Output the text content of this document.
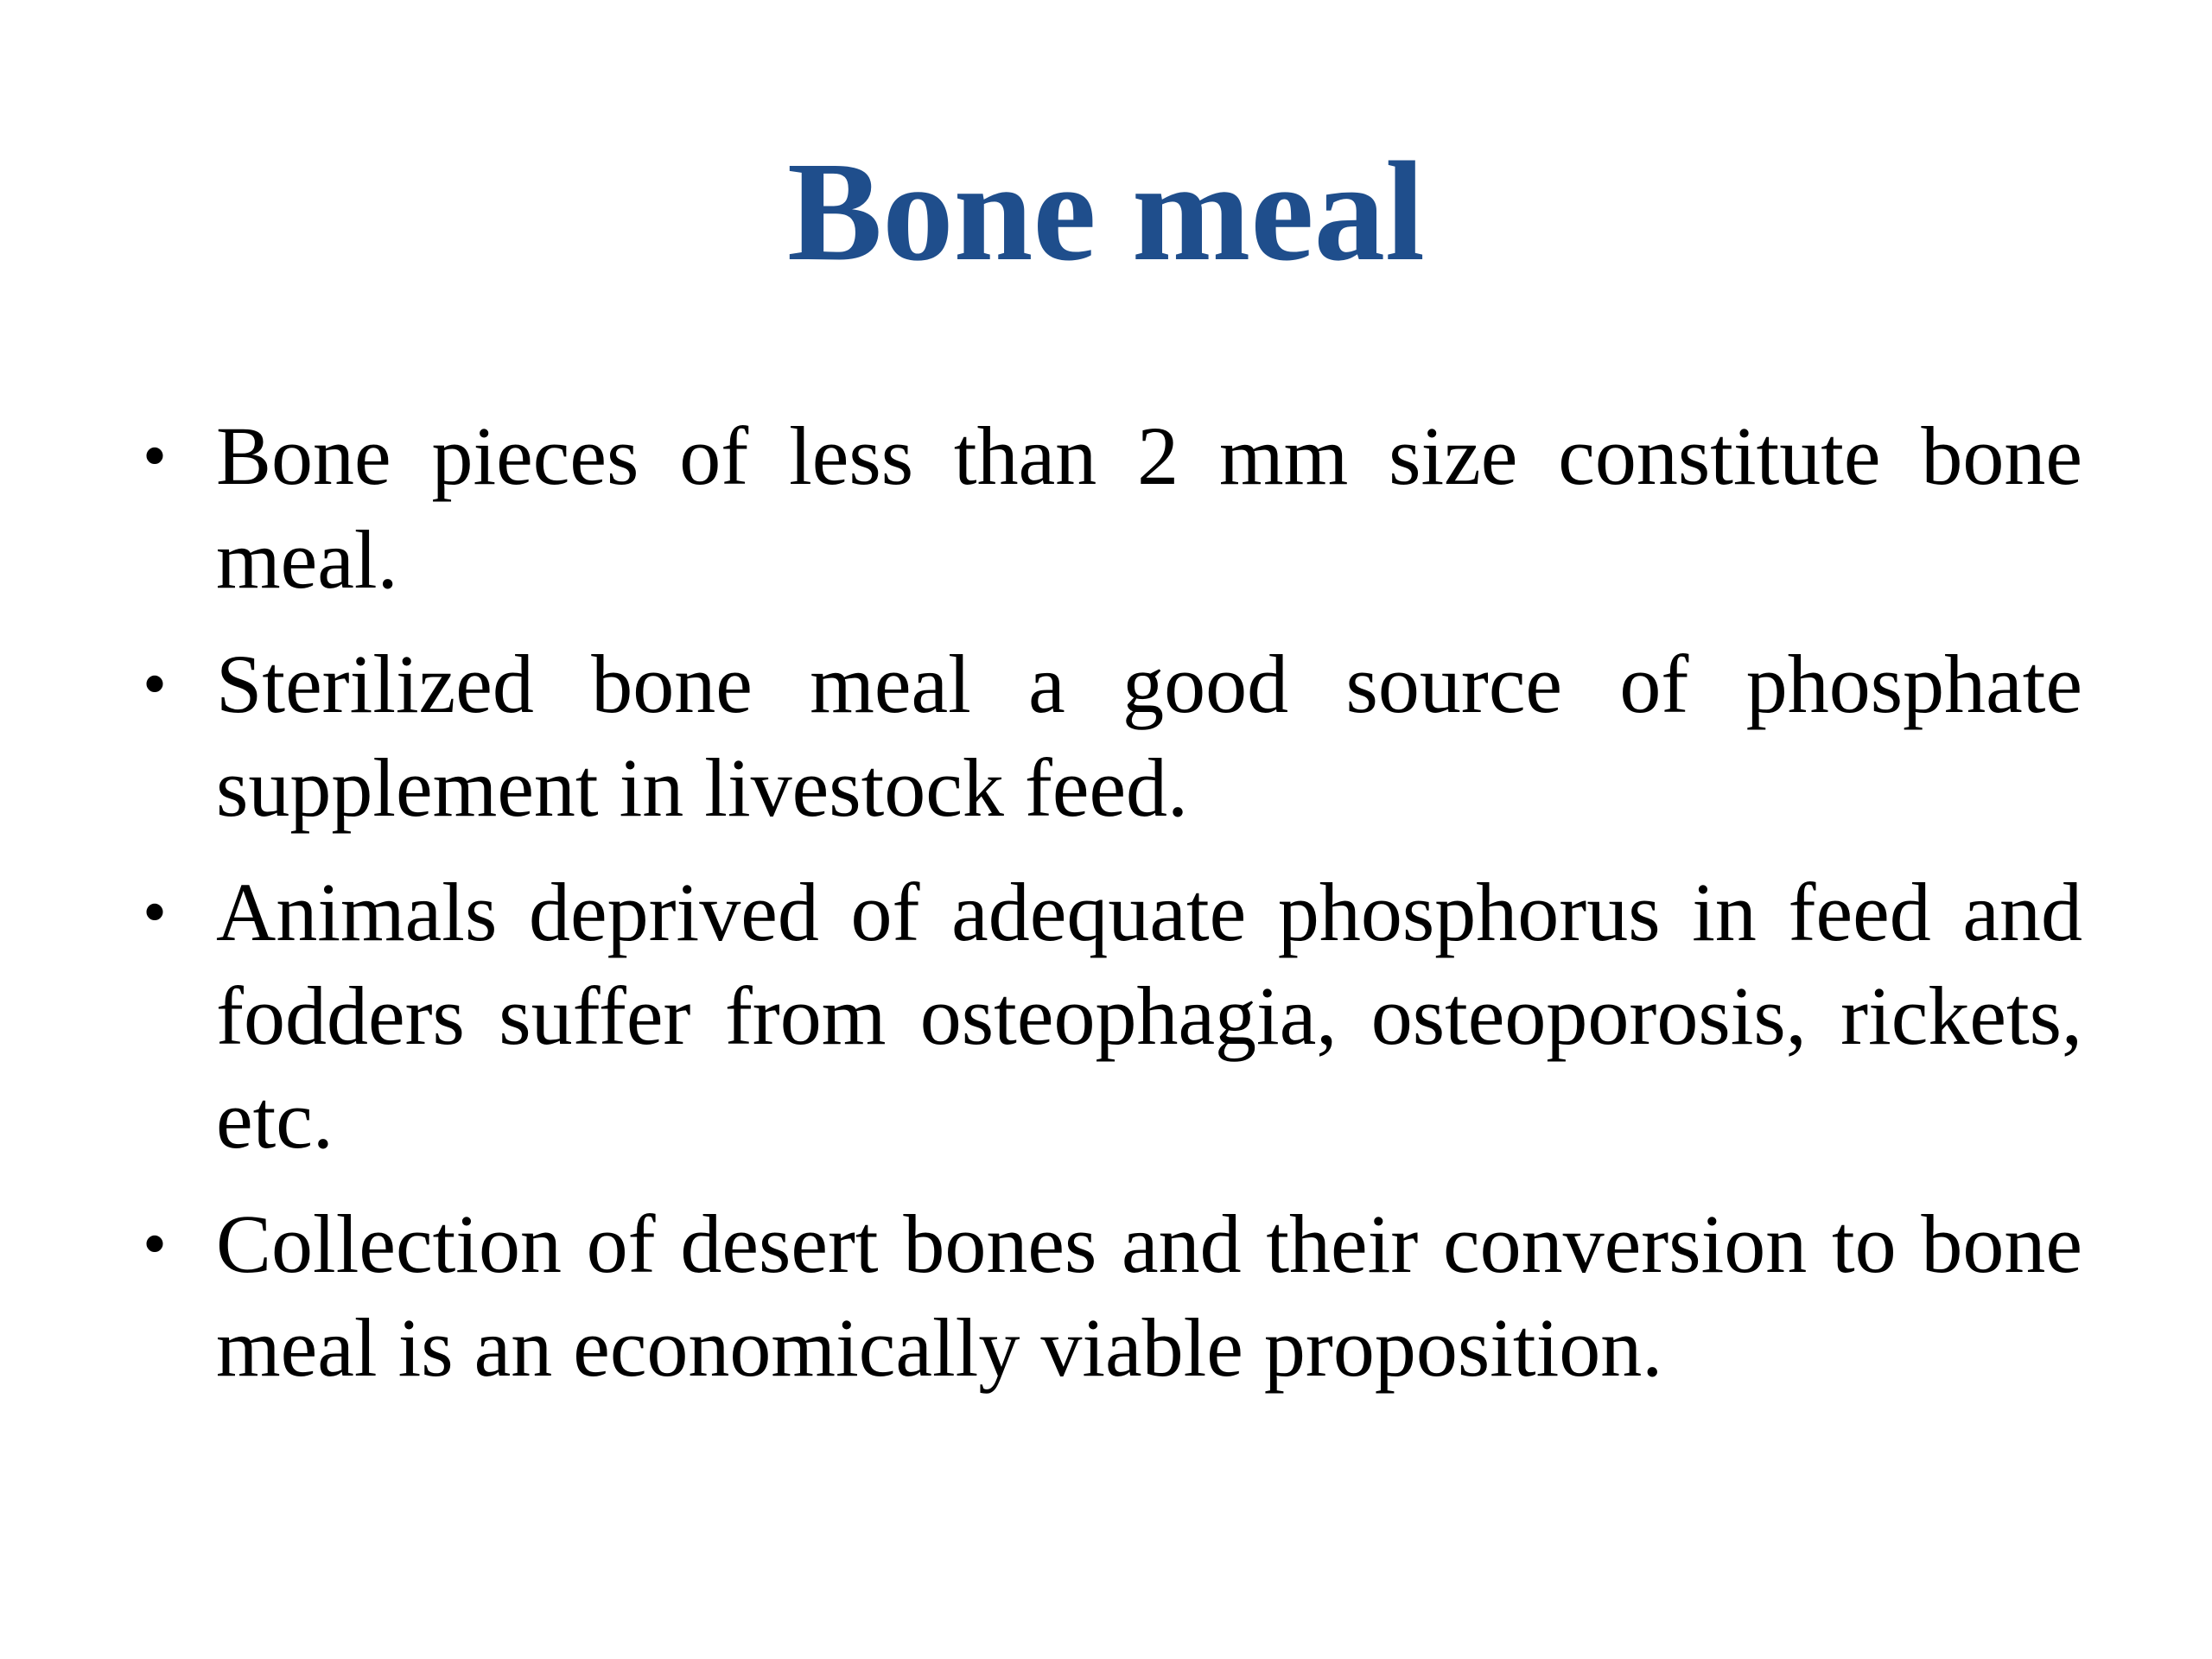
Bone meal
• Bone pieces of less than 2 mm size constitute bone meal.
• Sterilized bone meal a good source of phosphate supplement in livestock feed.
• Animals deprived of adequate phosphorus in feed and fodders suffer from osteophagia, osteoporosis, rickets, etc.
• Collection of desert bones and their conversion to bone meal is an economically viable proposition.
